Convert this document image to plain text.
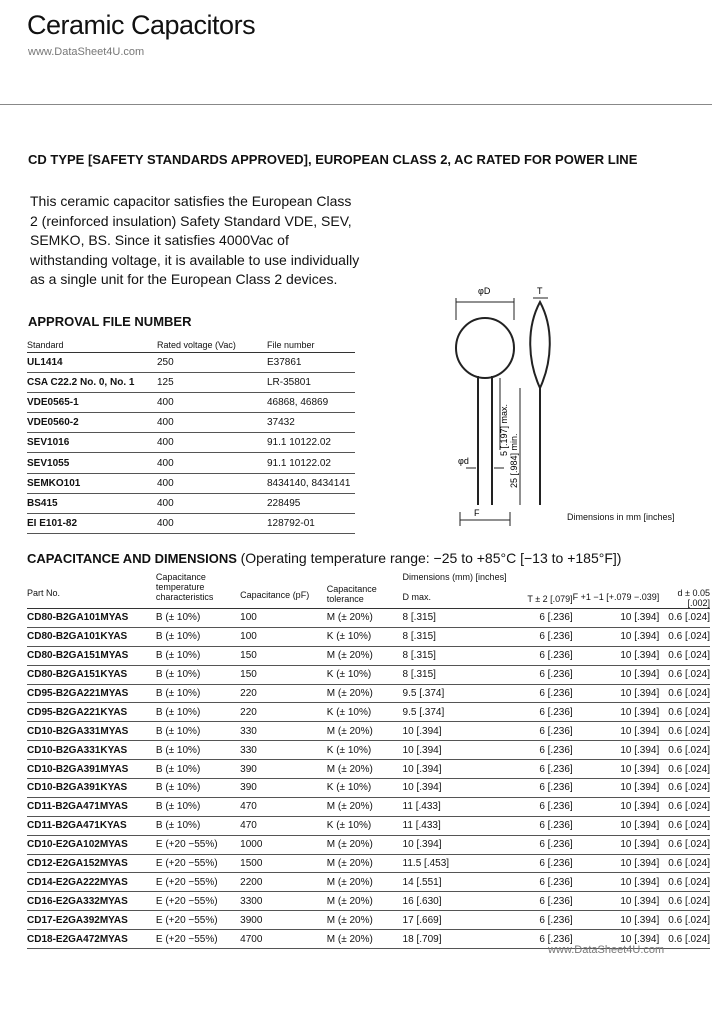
Ceramic Capacitors
www.DataSheet4U.com
CD TYPE [SAFETY STANDARDS APPROVED], EUROPEAN CLASS 2, AC RATED FOR POWER LINE
This ceramic capacitor satisfies the European Class 2 (reinforced insulation) Safety Standard VDE, SEV, SEMKO, BS. Since it satisfies 4000Vac of withstanding voltage, it is available to use individually as a single unit for the European Class 2 devices.
APPROVAL FILE NUMBER
Standard	Rated voltage (Vac)	File number
UL1414	250	E37861
CSA C22.2 No. 0, No. 1	125	LR-35801
VDE0565-1	400	46868, 46869
VDE0560-2	400	37432
SEV1016	400	91.1 10122.02
SEV1055	400	91.1 10122.02
SEMKO101	400	8434140, 8434141
BS415	400	228495
EI E101-82	400	128792-01
φD	T
φd
F
5 [.197] max.
25 [.984] min.
Dimensions in mm [inches]
CAPACITANCE AND DIMENSIONS (Operating temperature range: −25 to +85°C [−13 to +185°F])
Part No.	Capacitance temperature characteristics	Capacitance (pF)	Capacitance tolerance	Dimensions (mm) [inches]
D max.	T ± 2 [.079]	F +1 −1 [+.079 −.039]	d ± 0.05 [.002]
CD80-B2GA101MYAS	B (± 10%)	100	M (± 20%)	8 [.315]	6 [.236]	10 [.394]	0.6 [.024]
CD80-B2GA101KYAS	B (± 10%)	100	K (± 10%)	8 [.315]	6 [.236]	10 [.394]	0.6 [.024]
CD80-B2GA151MYAS	B (± 10%)	150	M (± 20%)	8 [.315]	6 [.236]	10 [.394]	0.6 [.024]
CD80-B2GA151KYAS	B (± 10%)	150	K (± 10%)	8 [.315]	6 [.236]	10 [.394]	0.6 [.024]
CD95-B2GA221MYAS	B (± 10%)	220	M (± 20%)	9.5 [.374]	6 [.236]	10 [.394]	0.6 [.024]
CD95-B2GA221KYAS	B (± 10%)	220	K (± 10%)	9.5 [.374]	6 [.236]	10 [.394]	0.6 [.024]
CD10-B2GA331MYAS	B (± 10%)	330	M (± 20%)	10 [.394]	6 [.236]	10 [.394]	0.6 [.024]
CD10-B2GA331KYAS	B (± 10%)	330	K (± 10%)	10 [.394]	6 [.236]	10 [.394]	0.6 [.024]
CD10-B2GA391MYAS	B (± 10%)	390	M (± 20%)	10 [.394]	6 [.236]	10 [.394]	0.6 [.024]
CD10-B2GA391KYAS	B (± 10%)	390	K (± 10%)	10 [.394]	6 [.236]	10 [.394]	0.6 [.024]
CD11-B2GA471MYAS	B (± 10%)	470	M (± 20%)	11 [.433]	6 [.236]	10 [.394]	0.6 [.024]
CD11-B2GA471KYAS	B (± 10%)	470	K (± 10%)	11 [.433]	6 [.236]	10 [.394]	0.6 [.024]
CD10-E2GA102MYAS	E (+20 −55%)	1000	M (± 20%)	10 [.394]	6 [.236]	10 [.394]	0.6 [.024]
CD12-E2GA152MYAS	E (+20 −55%)	1500	M (± 20%)	11.5 [.453]	6 [.236]	10 [.394]	0.6 [.024]
CD14-E2GA222MYAS	E (+20 −55%)	2200	M (± 20%)	14 [.551]	6 [.236]	10 [.394]	0.6 [.024]
CD16-E2GA332MYAS	E (+20 −55%)	3300	M (± 20%)	16 [.630]	6 [.236]	10 [.394]	0.6 [.024]
CD17-E2GA392MYAS	E (+20 −55%)	3900	M (± 20%)	17 [.669]	6 [.236]	10 [.394]	0.6 [.024]
CD18-E2GA472MYAS	E (+20 −55%)	4700	M (± 20%)	18 [.709]	6 [.236]	10 [.394]	0.6 [.024]
www.DataSheet4U.com
